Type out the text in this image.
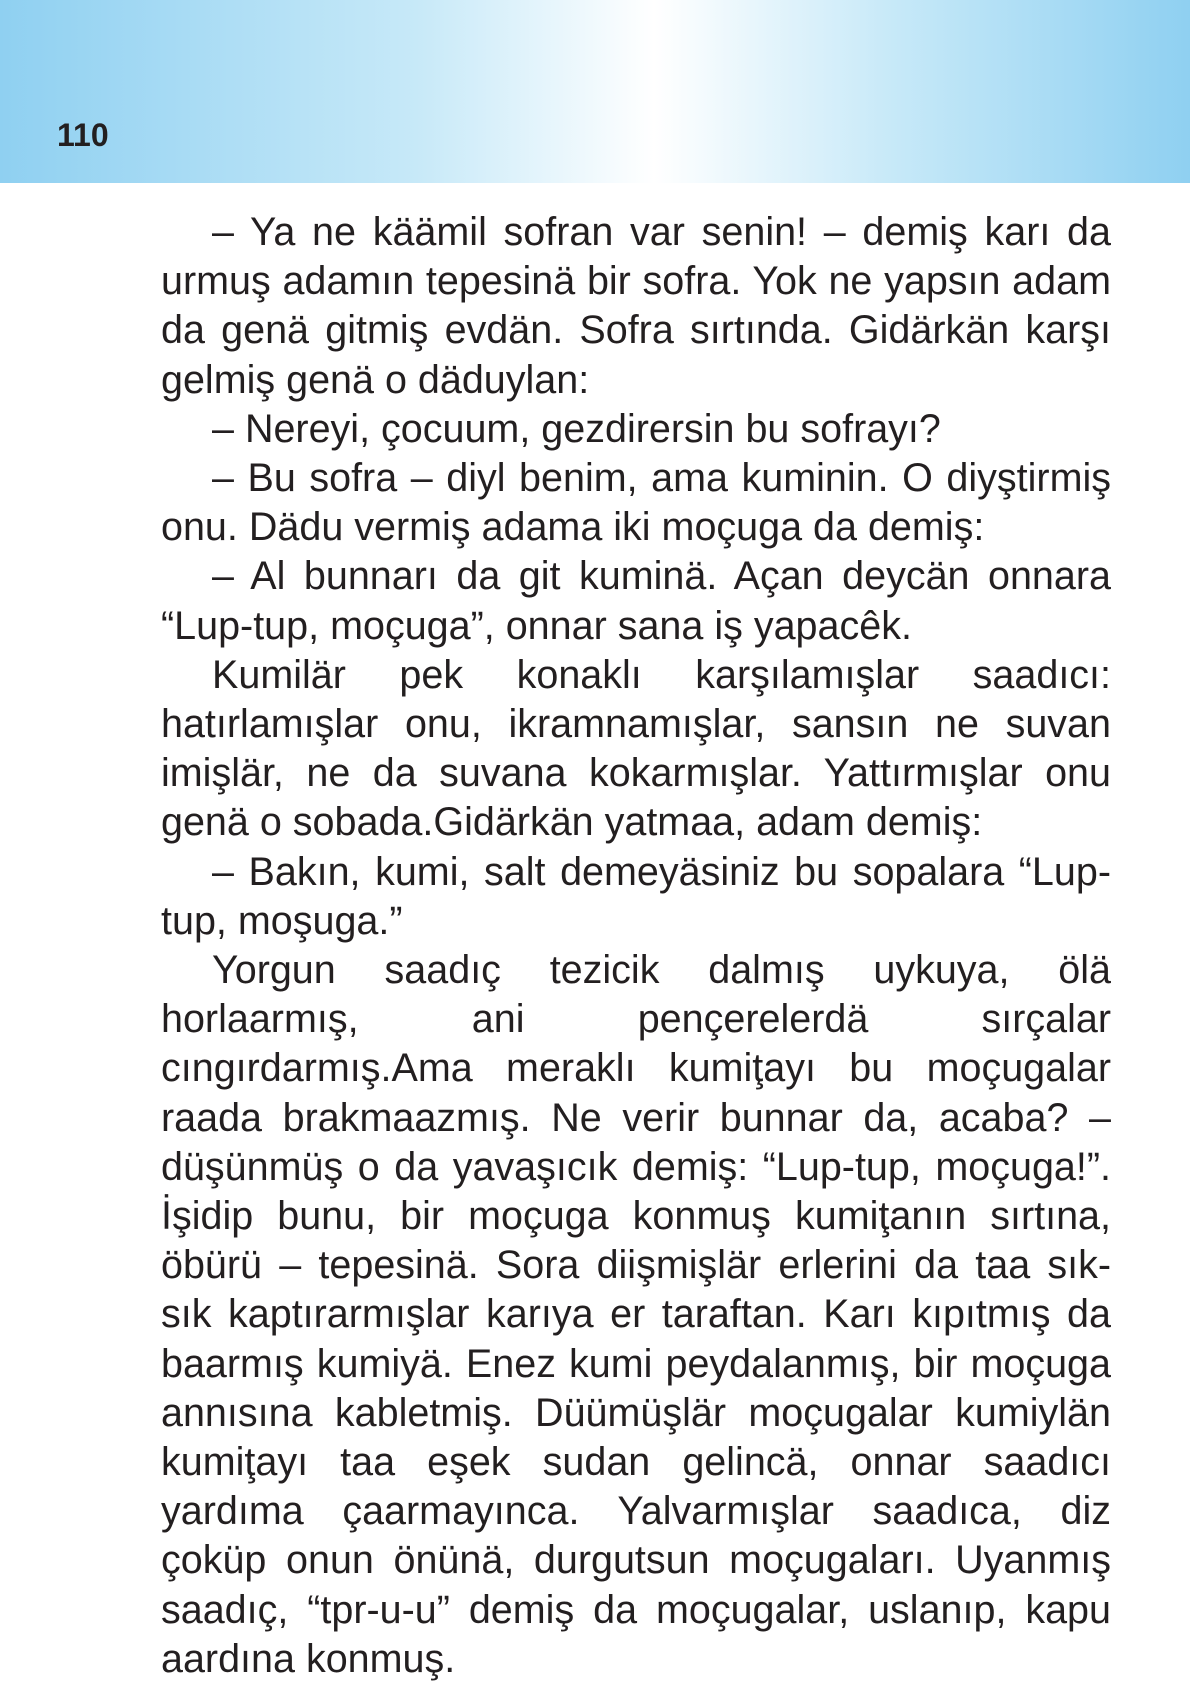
110

– Ya ne käämil sofran var senin! – demiş karı da urmuş adamın tepesinä bir sofra. Yok ne yapsın adam da genä gitmiş evdän. Sofra sırtında. Gidärkän karşı gelmiş genä o däduylan:

– Nereyi, çocuum, gezdirersin bu sofrayı?

– Bu sofra – diyl benim, ama kuminin. O diyştirmiş onu. Dädu vermiş adama iki moçuga da demiş:

– Al bunnarı da git kuminä. Açan deycän onnara “Lup-tup, moçuga”, onnar sana iş yapacêk.

Kumilär pek konaklı karşılamışlar saadıcı: hatırlamışlar onu, ikramnamışlar, sansın ne suvan imişlär, ne da suvana kokarmışlar. Yattırmışlar onu genä o sobada.Gidärkän yatmaa, adam demiş:

– Bakın, kumi, salt demeyäsiniz bu sopalara “Lup-tup, moşuga.”

Yorgun saadıç tezicik dalmış uykuya, ölä horlaarmış, ani pençerelerdä sırçalar cıngırdarmış.Ama meraklı kumiţayı bu moçugalar raada brakmaazmış. Ne verir bunnar da, acaba? – düşünmüş o da yavaşıcık demiş: “Lup-tup, moçuga!”. İşidip bunu, bir moçuga konmuş kumiţanın sırtına, öbürü – tepesinä. Sora diişmişlär erlerini da taa sık-sık kaptırarmışlar karıya er taraftan. Karı kıpıtmış da baarmış kumiyä. Enez kumi peydalanmış, bir moçuga annısına kabletmiş. Düümüşlär moçugalar kumiylän kumiţayı taa eşek sudan gelincä, onnar saadıcı yardıma çaarmayınca. Yalvarmışlar saadıca, diz çoküp onun önünä, durgutsun moçugaları. Uyanmış saadıç, “tpr-u-u” demiş da moçugalar, uslanıp, kapu aardına konmuş.
